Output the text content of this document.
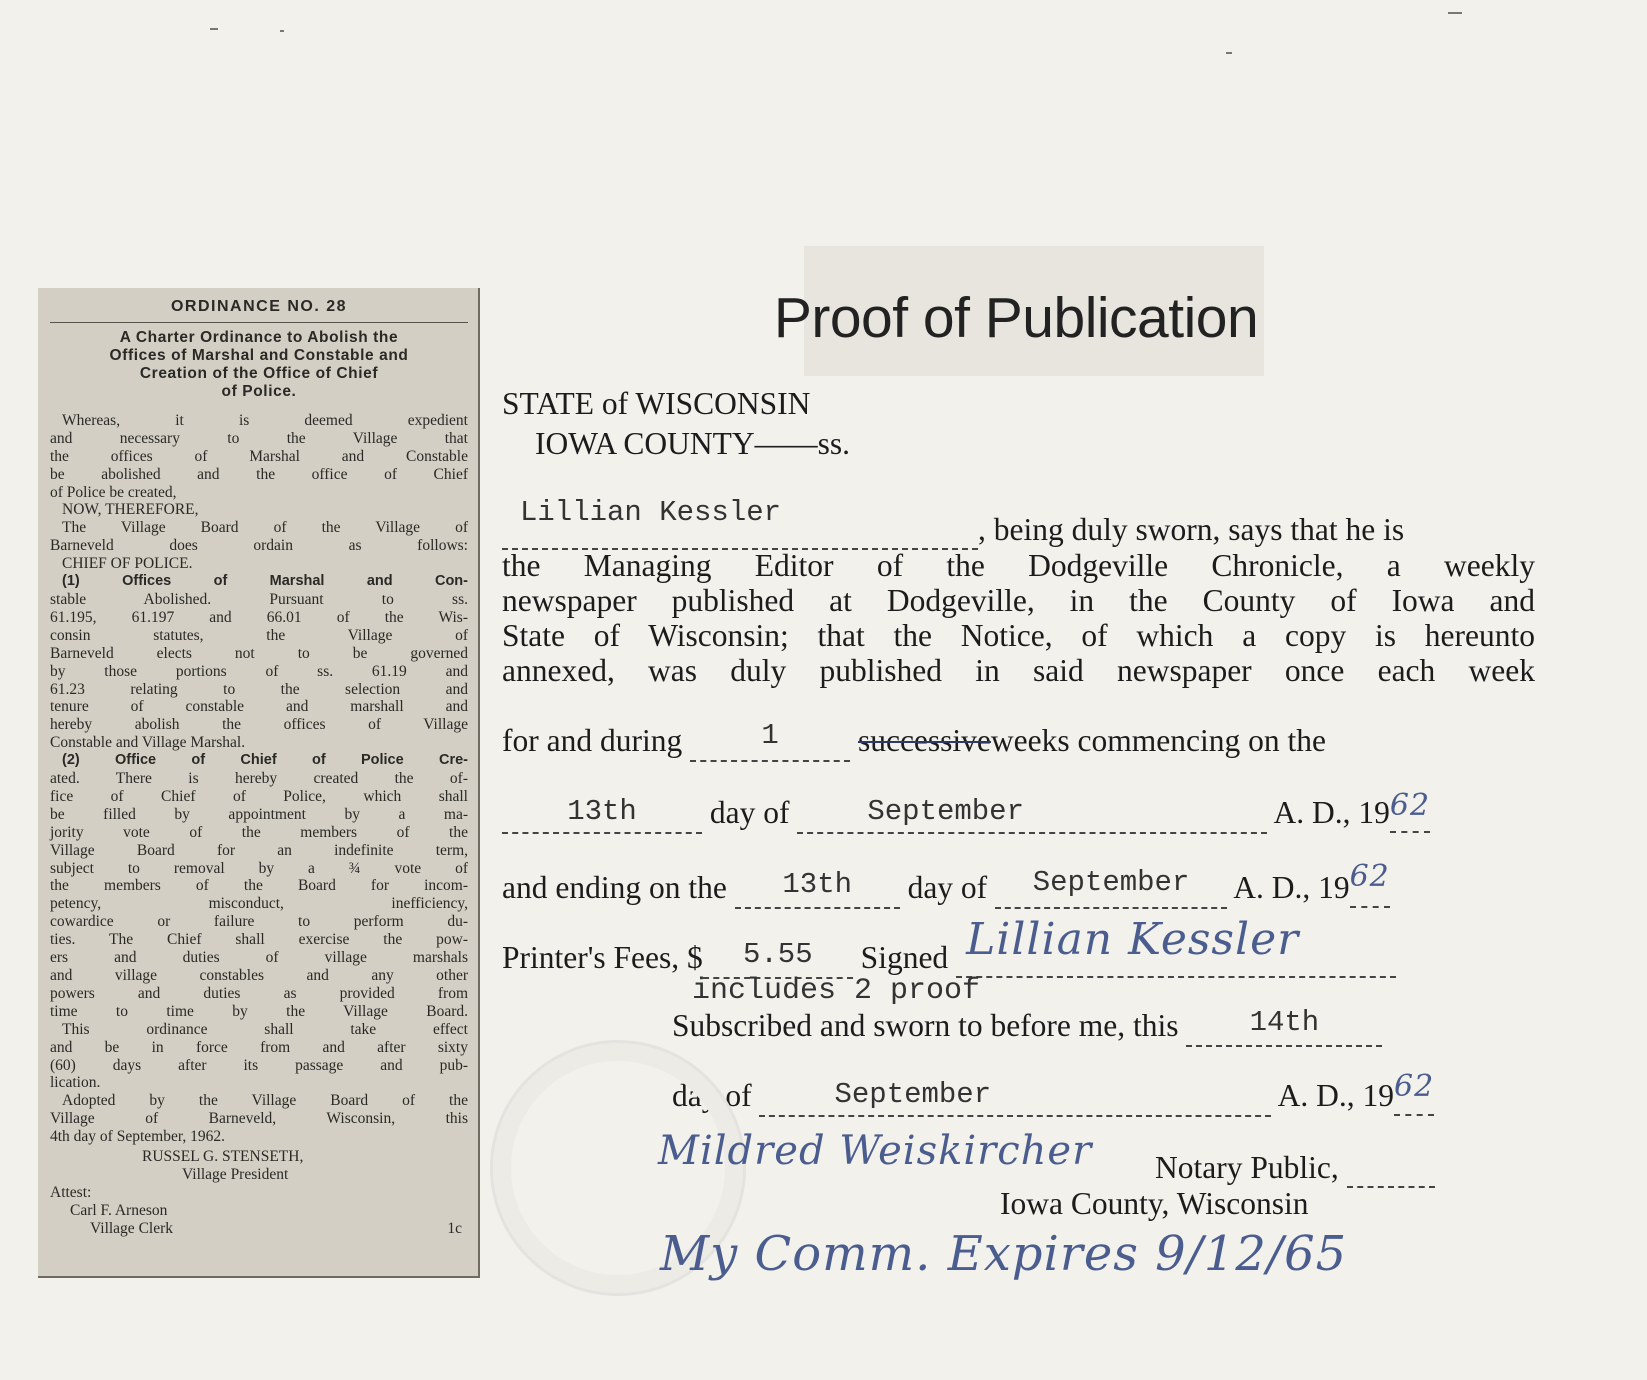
ORDINANCE NO. 28
A Charter Ordinance to Abolish the
Offices of Marshal and Constable and
Creation of the Office of Chief
of Police.
Whereas, it is deemed expedient
and necessary to the Village that
the offices of Marshal and Constable
be abolished and the office of Chief
of Police be created,
NOW, THEREFORE,
The Village Board of the Village of
Barneveld does ordain as follows:
CHIEF OF POLICE.
(1) Offices of Marshal and Con-
stable Abolished. Pursuant to ss.
61.195, 61.197 and 66.01 of the Wis-
consin statutes, the Village of
Barneveld elects not to be governed
by those portions of ss. 61.19 and
61.23 relating to the selection and
tenure of constable and marshall and
hereby abolish the offices of Village
Constable and Village Marshal.
(2) Office of Chief of Police Cre-
ated. There is hereby created the of-
fice of Chief of Police, which shall
be filled by appointment by a ma-
jority vote of the members of the
Village Board for an indefinite term,
subject to removal by a ¾ vote of
the members of the Board for incom-
petency, misconduct, inefficiency,
cowardice or failure to perform du-
ties. The Chief shall exercise the pow-
ers and duties of village marshals
and village constables and any other
powers and duties as provided from
time to time by the Village Board.
This ordinance shall take effect
and be in force from and after sixty
(60) days after its passage and pub-
lication.
Adopted by the Village Board of the
Village of Barneveld, Wisconsin, this
4th day of September, 1962.
RUSSEL G. STENSETH,
Village President
Attest:
Carl F. Arneson
Village Clerk	1c
Proof of Publication
STATE of WISCONSIN
IOWA COUNTY——ss.
Lillian Kessler	, being duly sworn, says that he is
the Managing Editor of the Dodgeville Chronicle, a weekly
newspaper published at Dodgeville, in the County of Iowa and
State of Wisconsin; that the Notice, of which a copy is hereunto
annexed, was duly published in said newspaper once each week
for and during	1	successive
weeks commencing on the
13th day of	September	A. D., 1962
and ending on the 13th day of September A. D., 1962
Printer's Fees, $ 5.55 Signed Lillian Kessler

includes 2 proof
Subscribed and sworn to before me, this 14th
day of	September	A. D., 1962
Mildred Weiskircher Notary Public,
Iowa County, Wisconsin
My Comm. Expires 9/12/65
